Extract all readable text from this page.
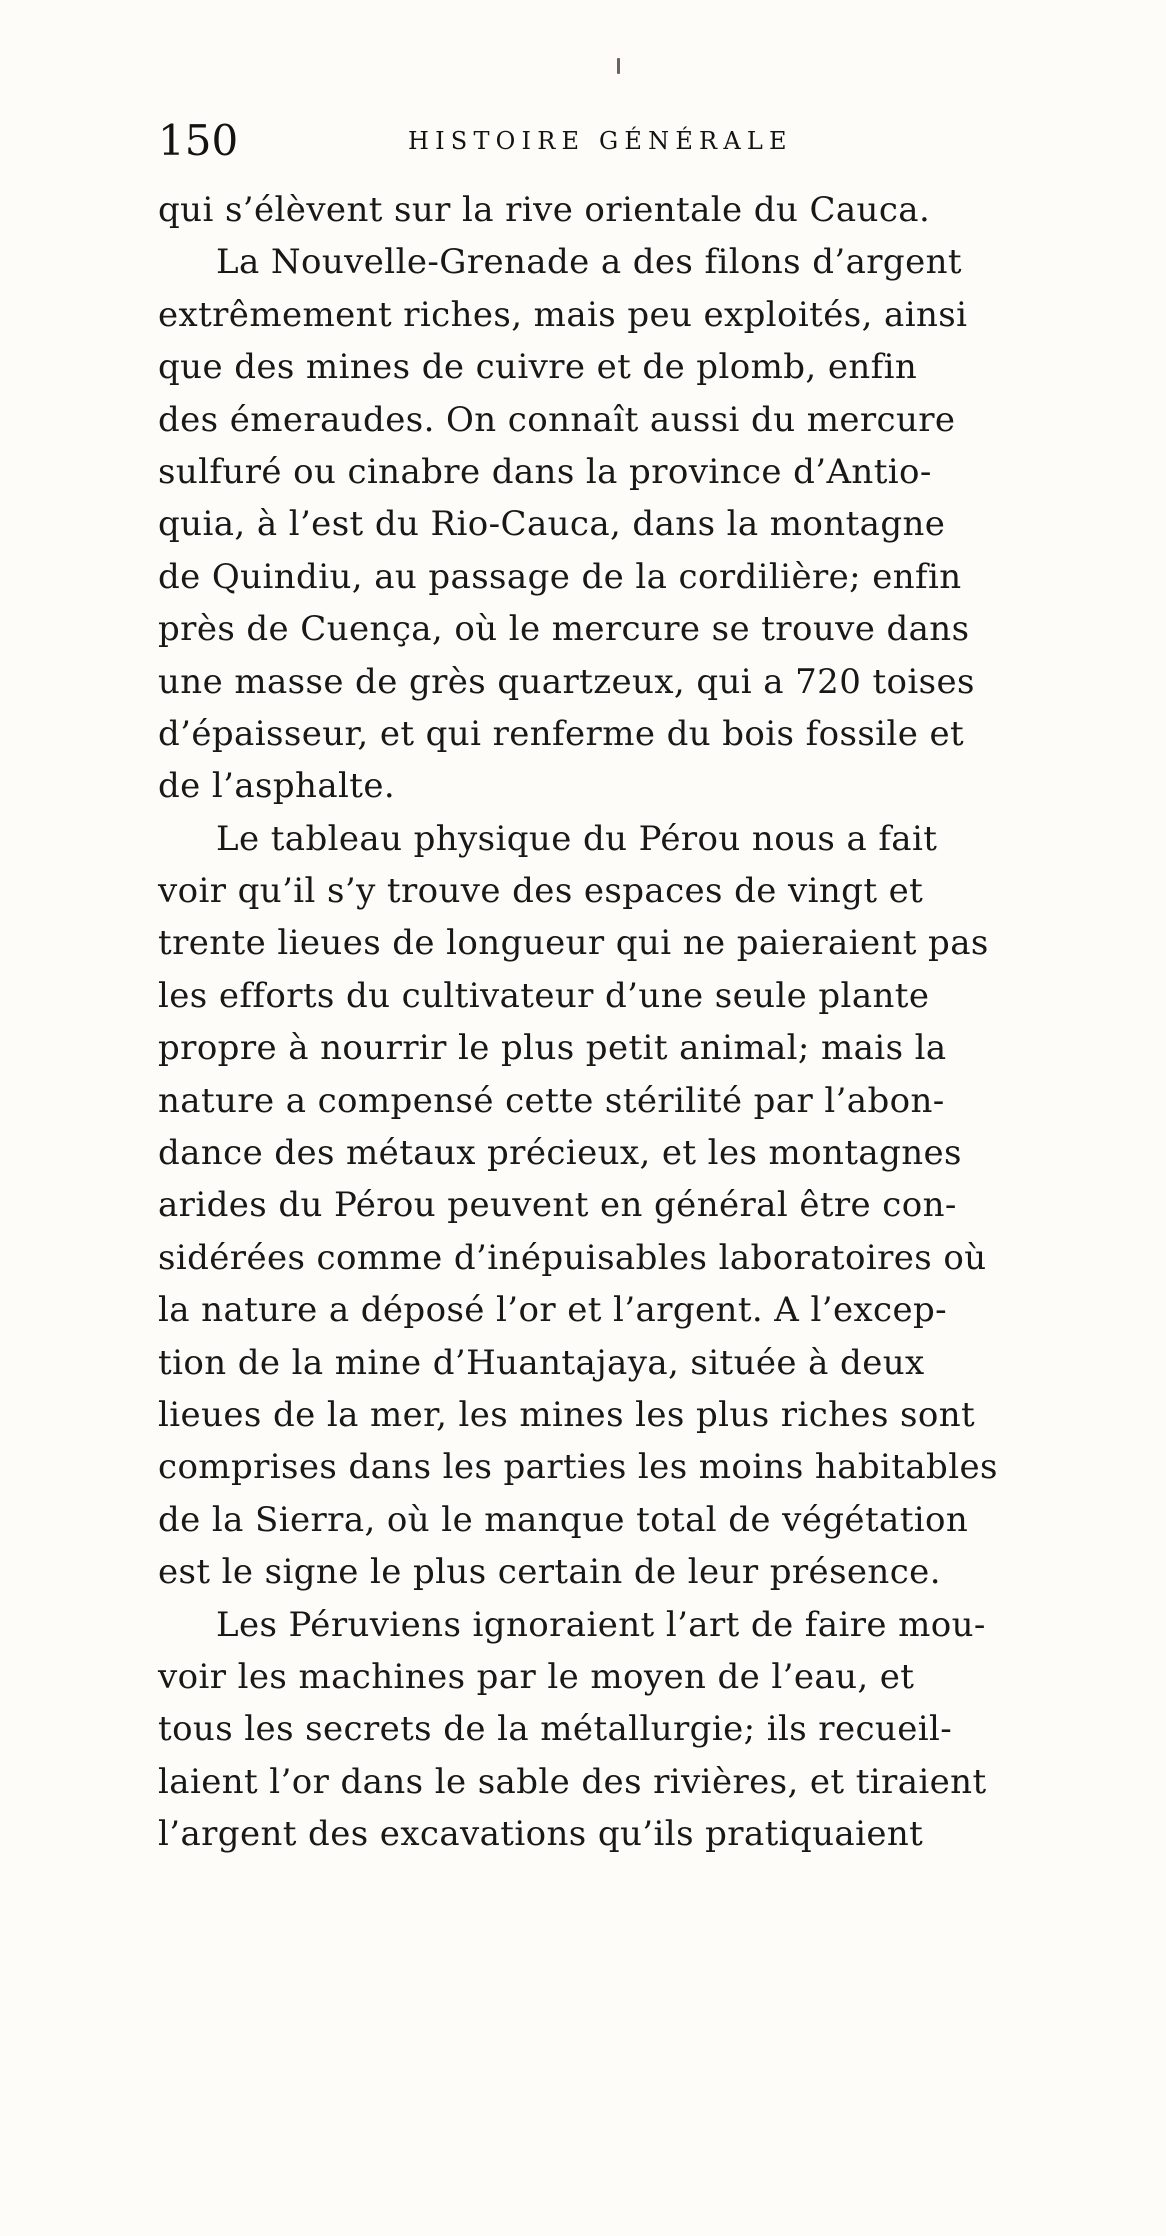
150	HISTOIRE GÉNÉRALE
qui s’élèvent sur la rive orientale du Cauca.
La Nouvelle-Grenade a des filons d’argent
extrêmement riches, mais peu exploités, ainsi
que des mines de cuivre et de plomb, enfin
des émeraudes. On connaît aussi du mercure
sulfuré ou cinabre dans la province d’Antio-
quia, à l’est du Rio-Cauca, dans la montagne
de Quindiu, au passage de la cordilière; enfin
près de Cuença, où le mercure se trouve dans
une masse de grès quartzeux, qui a 720 toises
d’épaisseur, et qui renferme du bois fossile et
de l’asphalte.
Le tableau physique du Pérou nous a fait
voir qu’il s’y trouve des espaces de vingt et
trente lieues de longueur qui ne paieraient pas
les efforts du cultivateur d’une seule plante
propre à nourrir le plus petit animal; mais la
nature a compensé cette stérilité par l’abon-
dance des métaux précieux, et les montagnes
arides du Pérou peuvent en général être con-
sidérées comme d’inépuisables laboratoires où
la nature a déposé l’or et l’argent. A l’excep-
tion de la mine d’Huantajaya, située à deux
lieues de la mer, les mines les plus riches sont
comprises dans les parties les moins habitables
de la Sierra, où le manque total de végétation
est le signe le plus certain de leur présence.
Les Péruviens ignoraient l’art de faire mou-
voir les machines par le moyen de l’eau, et
tous les secrets de la métallurgie; ils recueil-
laient l’or dans le sable des rivières, et tiraient
l’argent des excavations qu’ils pratiquaient
